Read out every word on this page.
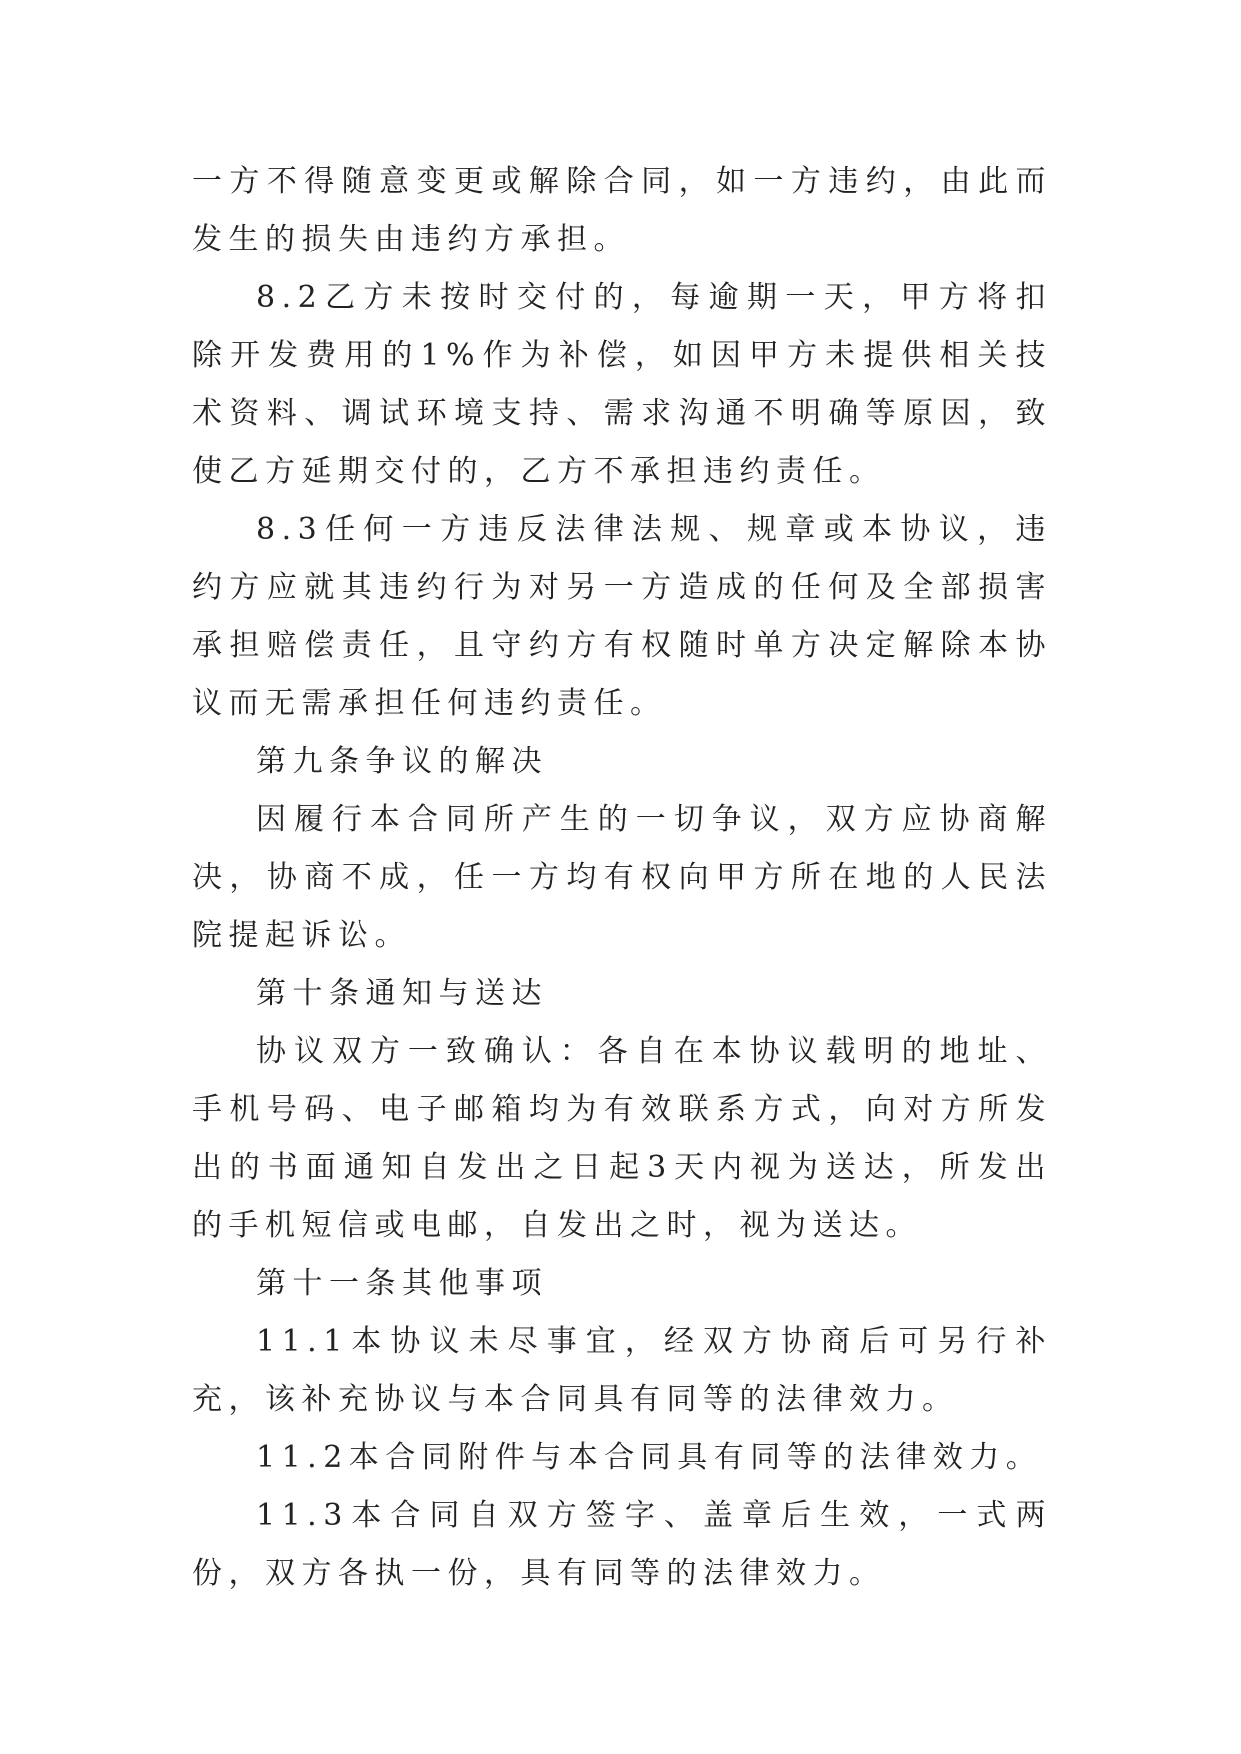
一方不得随意变更或解除合同，如一方违约，由此而发生的损失由违约方承担。

8.2乙方未按时交付的，每逾期一天，甲方将扣除开发费用的1%作为补偿，如因甲方未提供相关技术资料、调试环境支持、需求沟通不明确等原因，致使乙方延期交付的，乙方不承担违约责任。

8.3任何一方违反法律法规、规章或本协议，违约方应就其违约行为对另一方造成的任何及全部损害承担赔偿责任，且守约方有权随时单方决定解除本协议而无需承担任何违约责任。

第九条争议的解决

因履行本合同所产生的一切争议，双方应协商解决，协商不成，任一方均有权向甲方所在地的人民法院提起诉讼。

第十条通知与送达

协议双方一致确认：各自在本协议载明的地址、手机号码、电子邮箱均为有效联系方式，向对方所发出的书面通知自发出之日起3天内视为送达，所发出的手机短信或电邮，自发出之时，视为送达。

第十一条其他事项

11.1本协议未尽事宜，经双方协商后可另行补充，该补充协议与本合同具有同等的法律效力。

11.2本合同附件与本合同具有同等的法律效力。

11.3本合同自双方签字、盖章后生效，一式两份，双方各执一份，具有同等的法律效力。
